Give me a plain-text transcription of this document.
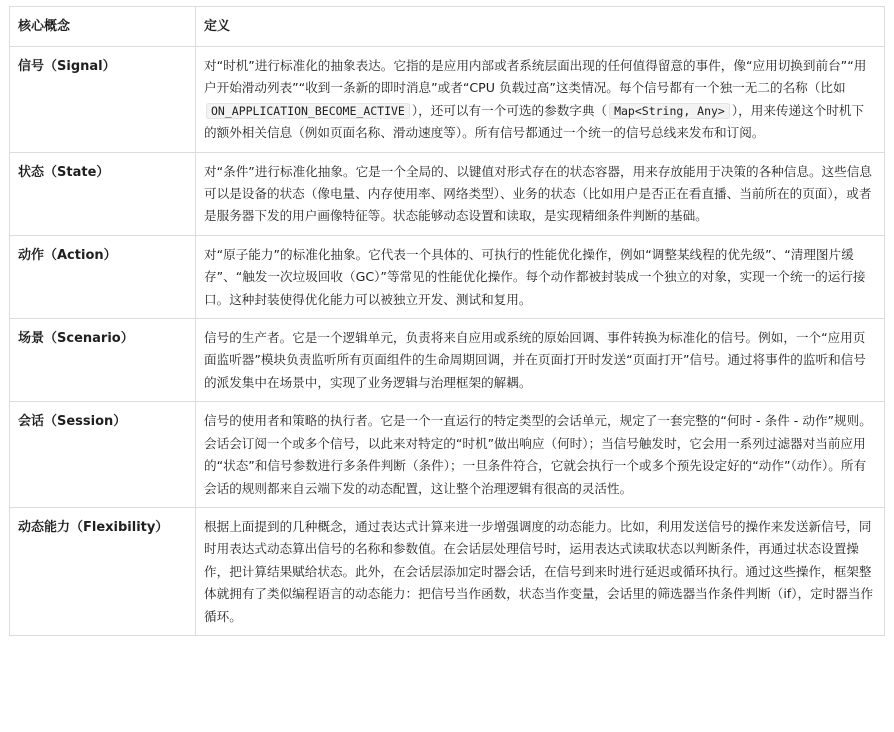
核心概念	定义
信号（Signal）	对“时机”进行标准化的抽象表达。它指的是应用内部或者系统层面出现的任何值得留意的事件，像“应用切换到前台”“用户开始滑动列表”“收到一条新的即时消息”或者“CPU 负载过高”这类情况。每个信号都有一个独一无二的名称（比如ON_APPLICATION_BECOME_ACTIVE ），还可以有一个可选的参数字典（ Map<String, Any> ），用来传递这个时机下的额外相关信息（例如页面名称、滑动速度等）。所有信号都通过一个统一的信号总线来发布和订阅。
状态（State）	对“条件”进行标准化抽象。它是一个全局的、以键值对形式存在的状态容器，用来存放能用于决策的各种信息。这些信息可以是设备的状态（像电量、内存使用率、网络类型）、业务的状态（比如用户是否正在看直播、当前所在的页面），或者是服务器下发的用户画像特征等。状态能够动态设置和读取，是实现精细条件判断的基础。
动作（Action）	对“原子能力”的标准化抽象。它代表一个具体的、可执行的性能优化操作，例如“调整某线程的优先级”、“清理图片缓存”、“触发一次垃圾回收（GC）”等常见的性能优化操作。每个动作都被封装成一个独立的对象，实现一个统一的运行接口。这种封装使得优化能力可以被独立开发、测试和复用。
场景（Scenario）	信号的生产者。它是一个逻辑单元，负责将来自应用或系统的原始回调、事件转换为标准化的信号。例如，一个“应用页面监听器”模块负责监听所有页面组件的生命周期回调，并在页面打开时发送“页面打开”信号。通过将事件的监听和信号的派发集中在场景中，实现了业务逻辑与治理框架的解耦。
会话（Session）	信号的使用者和策略的执行者。它是一个一直运行的特定类型的会话单元，规定了一套完整的“何时 - 条件 - 动作”规则。会话会订阅一个或多个信号，以此来对特定的“时机”做出响应（何时）；当信号触发时，它会用一系列过滤器对当前应用的“状态”和信号参数进行多条件判断（条件）；一旦条件符合，它就会执行一个或多个预先设定好的“动作”（动作）。所有会话的规则都来自云端下发的动态配置，这让整个治理逻辑有很高的灵活性。
动态能力（Flexibility）	根据上面提到的几种概念，通过表达式计算来进一步增强调度的动态能力。比如，利用发送信号的操作来发送新信号，同时用表达式动态算出信号的名称和参数值。在会话层处理信号时，运用表达式读取状态以判断条件，再通过状态设置操作，把计算结果赋给状态。此外，在会话层添加定时器会话，在信号到来时进行延迟或循环执行。通过这些操作，框架整体就拥有了类似编程语言的动态能力：把信号当作函数，状态当作变量，会话里的筛选器当作条件判断（if），定时器当作循环。
